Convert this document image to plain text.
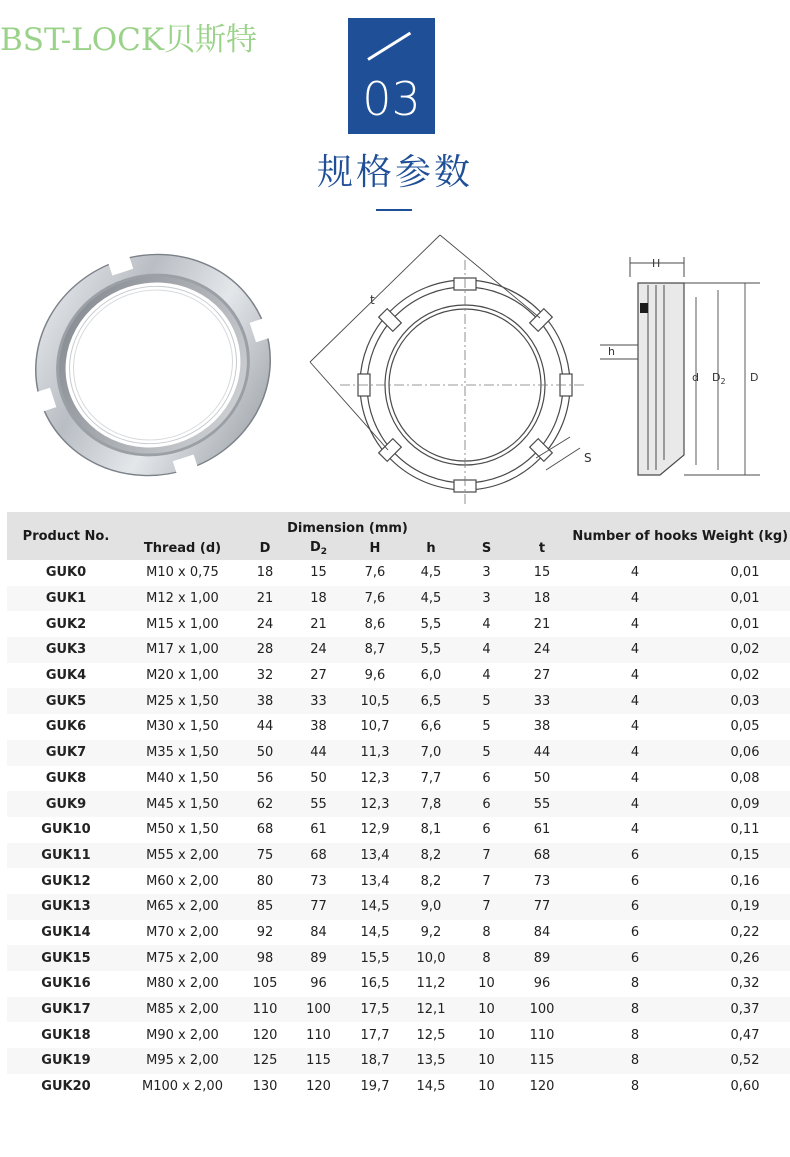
BST-LOCK贝斯特
03
规格参数
t
S
H
h
d $D_2$ D
Product No.	Dimension (mm)							Number of hooks	Weight (kg)
	Thread (d)	D	$D_2$	H	h	S	t		
GUK0	M10 x 0,75	18	15	7,6	4,5	3	15	4	0,01
GUK1	M12 x 1,00	21	18	7,6	4,5	3	18	4	0,01
GUK2	M15 x 1,00	24	21	8,6	5,5	4	21	4	0,01
GUK3	M17 x 1,00	28	24	8,7	5,5	4	24	4	0,02
GUK4	M20 x 1,00	32	27	9,6	6,0	4	27	4	0,02
GUK5	M25 x 1,50	38	33	10,5	6,5	5	33	4	0,03
GUK6	M30 x 1,50	44	38	10,7	6,6	5	38	4	0,05
GUK7	M35 x 1,50	50	44	11,3	7,0	5	44	4	0,06
GUK8	M40 x 1,50	56	50	12,3	7,7	6	50	4	0,08
GUK9	M45 x 1,50	62	55	12,3	7,8	6	55	4	0,09
GUK10	M50 x 1,50	68	61	12,9	8,1	6	61	4	0,11
GUK11	M55 x 2,00	75	68	13,4	8,2	7	68	6	0,15
GUK12	M60 x 2,00	80	73	13,4	8,2	7	73	6	0,16
GUK13	M65 x 2,00	85	77	14,5	9,0	7	77	6	0,19
GUK14	M70 x 2,00	92	84	14,5	9,2	8	84	6	0,22
GUK15	M75 x 2,00	98	89	15,5	10,0	8	89	6	0,26
GUK16	M80 x 2,00	105	96	16,5	11,2	10	96	8	0,32
GUK17	M85 x 2,00	110	100	17,5	12,1	10	100	8	0,37
GUK18	M90 x 2,00	120	110	17,7	12,5	10	110	8	0,47
GUK19	M95 x 2,00	125	115	18,7	13,5	10	115	8	0,52
GUK20	M100 x 2,00	130	120	19,7	14,5	10	120	8	0,60
